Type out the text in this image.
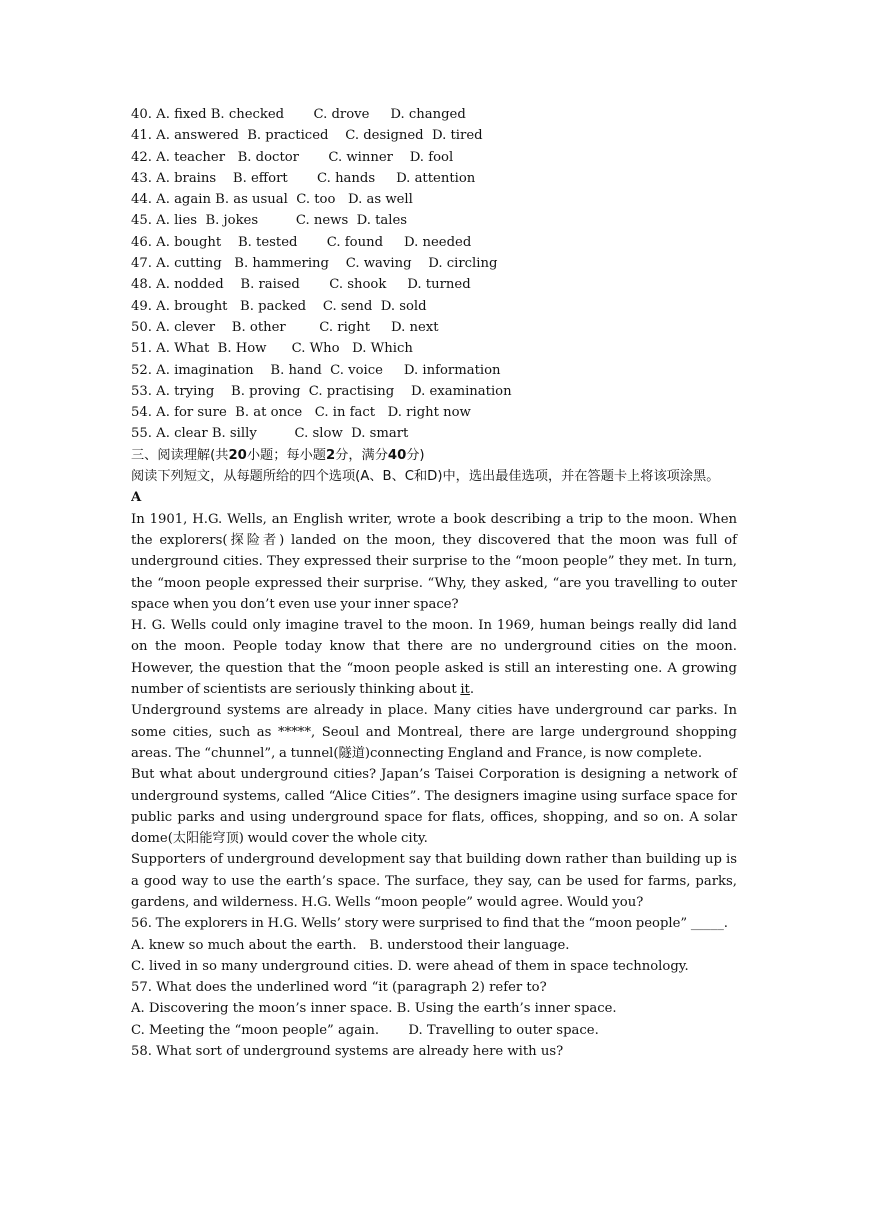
40. A. fixed B. checked       C. drove     D. changed
41. A. answered  B. practiced    C. designed  D. tired
42. A. teacher   B. doctor       C. winner    D. fool
43. A. brains    B. effort       C. hands     D. attention
44. A. again B. as usual  C. too   D. as well
45. A. lies  B. jokes         C. news  D. tales
46. A. bought    B. tested       C. found     D. needed
47. A. cutting   B. hammering    C. waving    D. circling
48. A. nodded    B. raised       C. shook     D. turned
49. A. brought   B. packed    C. send  D. sold
50. A. clever    B. other        C. right     D. next
51. A. What  B. How      C. Who   D. Which
52. A. imagination    B. hand  C. voice     D. information
53. A. trying    B. proving  C. practising    D. examination
54. A. for sure  B. at once   C. in fact   D. right now
55. A. clear B. silly         C. slow  D. smart
三、阅读理解(共20小题；每小题2分，满分40分)
阅读下列短文，从每题所给的四个选项(A、B、C和D)中，选出最佳选项，并在答题卡上将该项涂黑。
A
In 1901, H.G. Wells, an English writer, wrote a book describing a trip to the moon. When the explorers(探险者) landed on the moon, they discovered that the moon was full of underground cities. They expressed their surprise to the “moon people” they met. In turn, the “moon people expressed their surprise. “Why, they asked, “are you travelling to outer space when you don’t even use your inner space?
H. G. Wells could only imagine travel to the moon. In 1969, human beings really did land on the moon. People today know that there are no underground cities on the moon. However, the question that the “moon people asked is still an interesting one. A growing number of scientists are seriously thinking about it.
Underground systems are already in place. Many cities have underground car parks. In some cities, such as *****, Seoul and Montreal, there are large underground shopping areas. The “chunnel”, a tunnel(隧道)connecting England and France, is now complete.
But what about underground cities? Japan’s Taisei Corporation is designing a network of underground systems, called “Alice Cities”. The designers imagine using surface space for public parks and using underground space for flats, offices, shopping, and so on. A solar dome(太阳能穹顶) would cover the whole city.
Supporters of underground development say that building down rather than building up is a good way to use the earth’s space. The surface, they say, can be used for farms, parks, gardens, and wilderness. H.G. Wells “moon people” would agree. Would you?
56. The explorers in H.G. Wells’ story were surprised to find that the “moon people” _____.
A. knew so much about the earth.   B. understood their language.
C. lived in so many underground cities. D. were ahead of them in space technology.
57. What does the underlined word “it (paragraph 2) refer to?
A. Discovering the moon’s inner space. B. Using the earth’s inner space.
C. Meeting the “moon people” again.       D. Travelling to outer space.
58. What sort of underground systems are already here with us?
